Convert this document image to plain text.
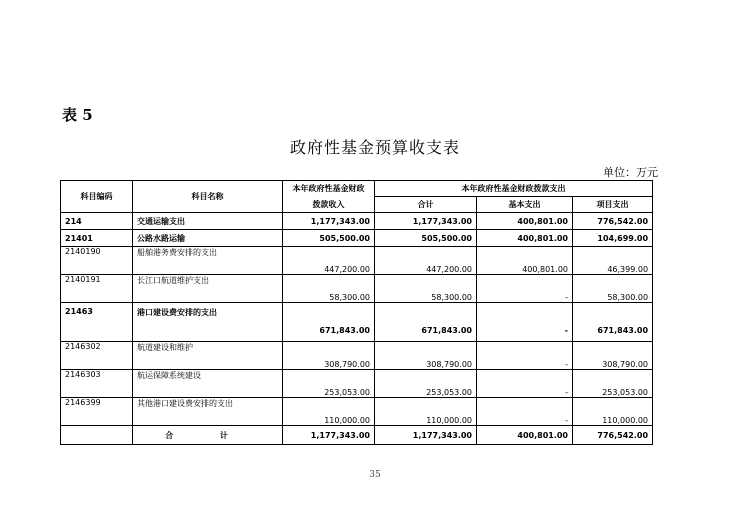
表 5
政府性基金预算收支表
单位：万元
科目编码	科目名称	本年政府性基金财政	本年政府性基金财政拨款支出		
		拨款收入	合计	基本支出	项目支出
214	交通运输支出	1,177,343.00	1,177,343.00	400,801.00	776,542.00
21401	公路水路运输	505,500.00	505,500.00	400,801.00	104,699.00
2140190	船舶港务费安排的支出	447,200.00	447,200.00	400,801.00	46,399.00
2140191	长江口航道维护支出	58,300.00	58,300.00	-	58,300.00
21463	港口建设费安排的支出	671,843.00	671,843.00	-	671,843.00
2146302	航道建设和维护	308,790.00	308,790.00	-	308,790.00
2146303	航运保障系统建设	253,053.00	253,053.00	-	253,053.00
2146399	其他港口建设费安排的支出	110,000.00	110,000.00	-	110,000.00
	合 计	1,177,343.00	1,177,343.00	400,801.00	776,542.00
35
